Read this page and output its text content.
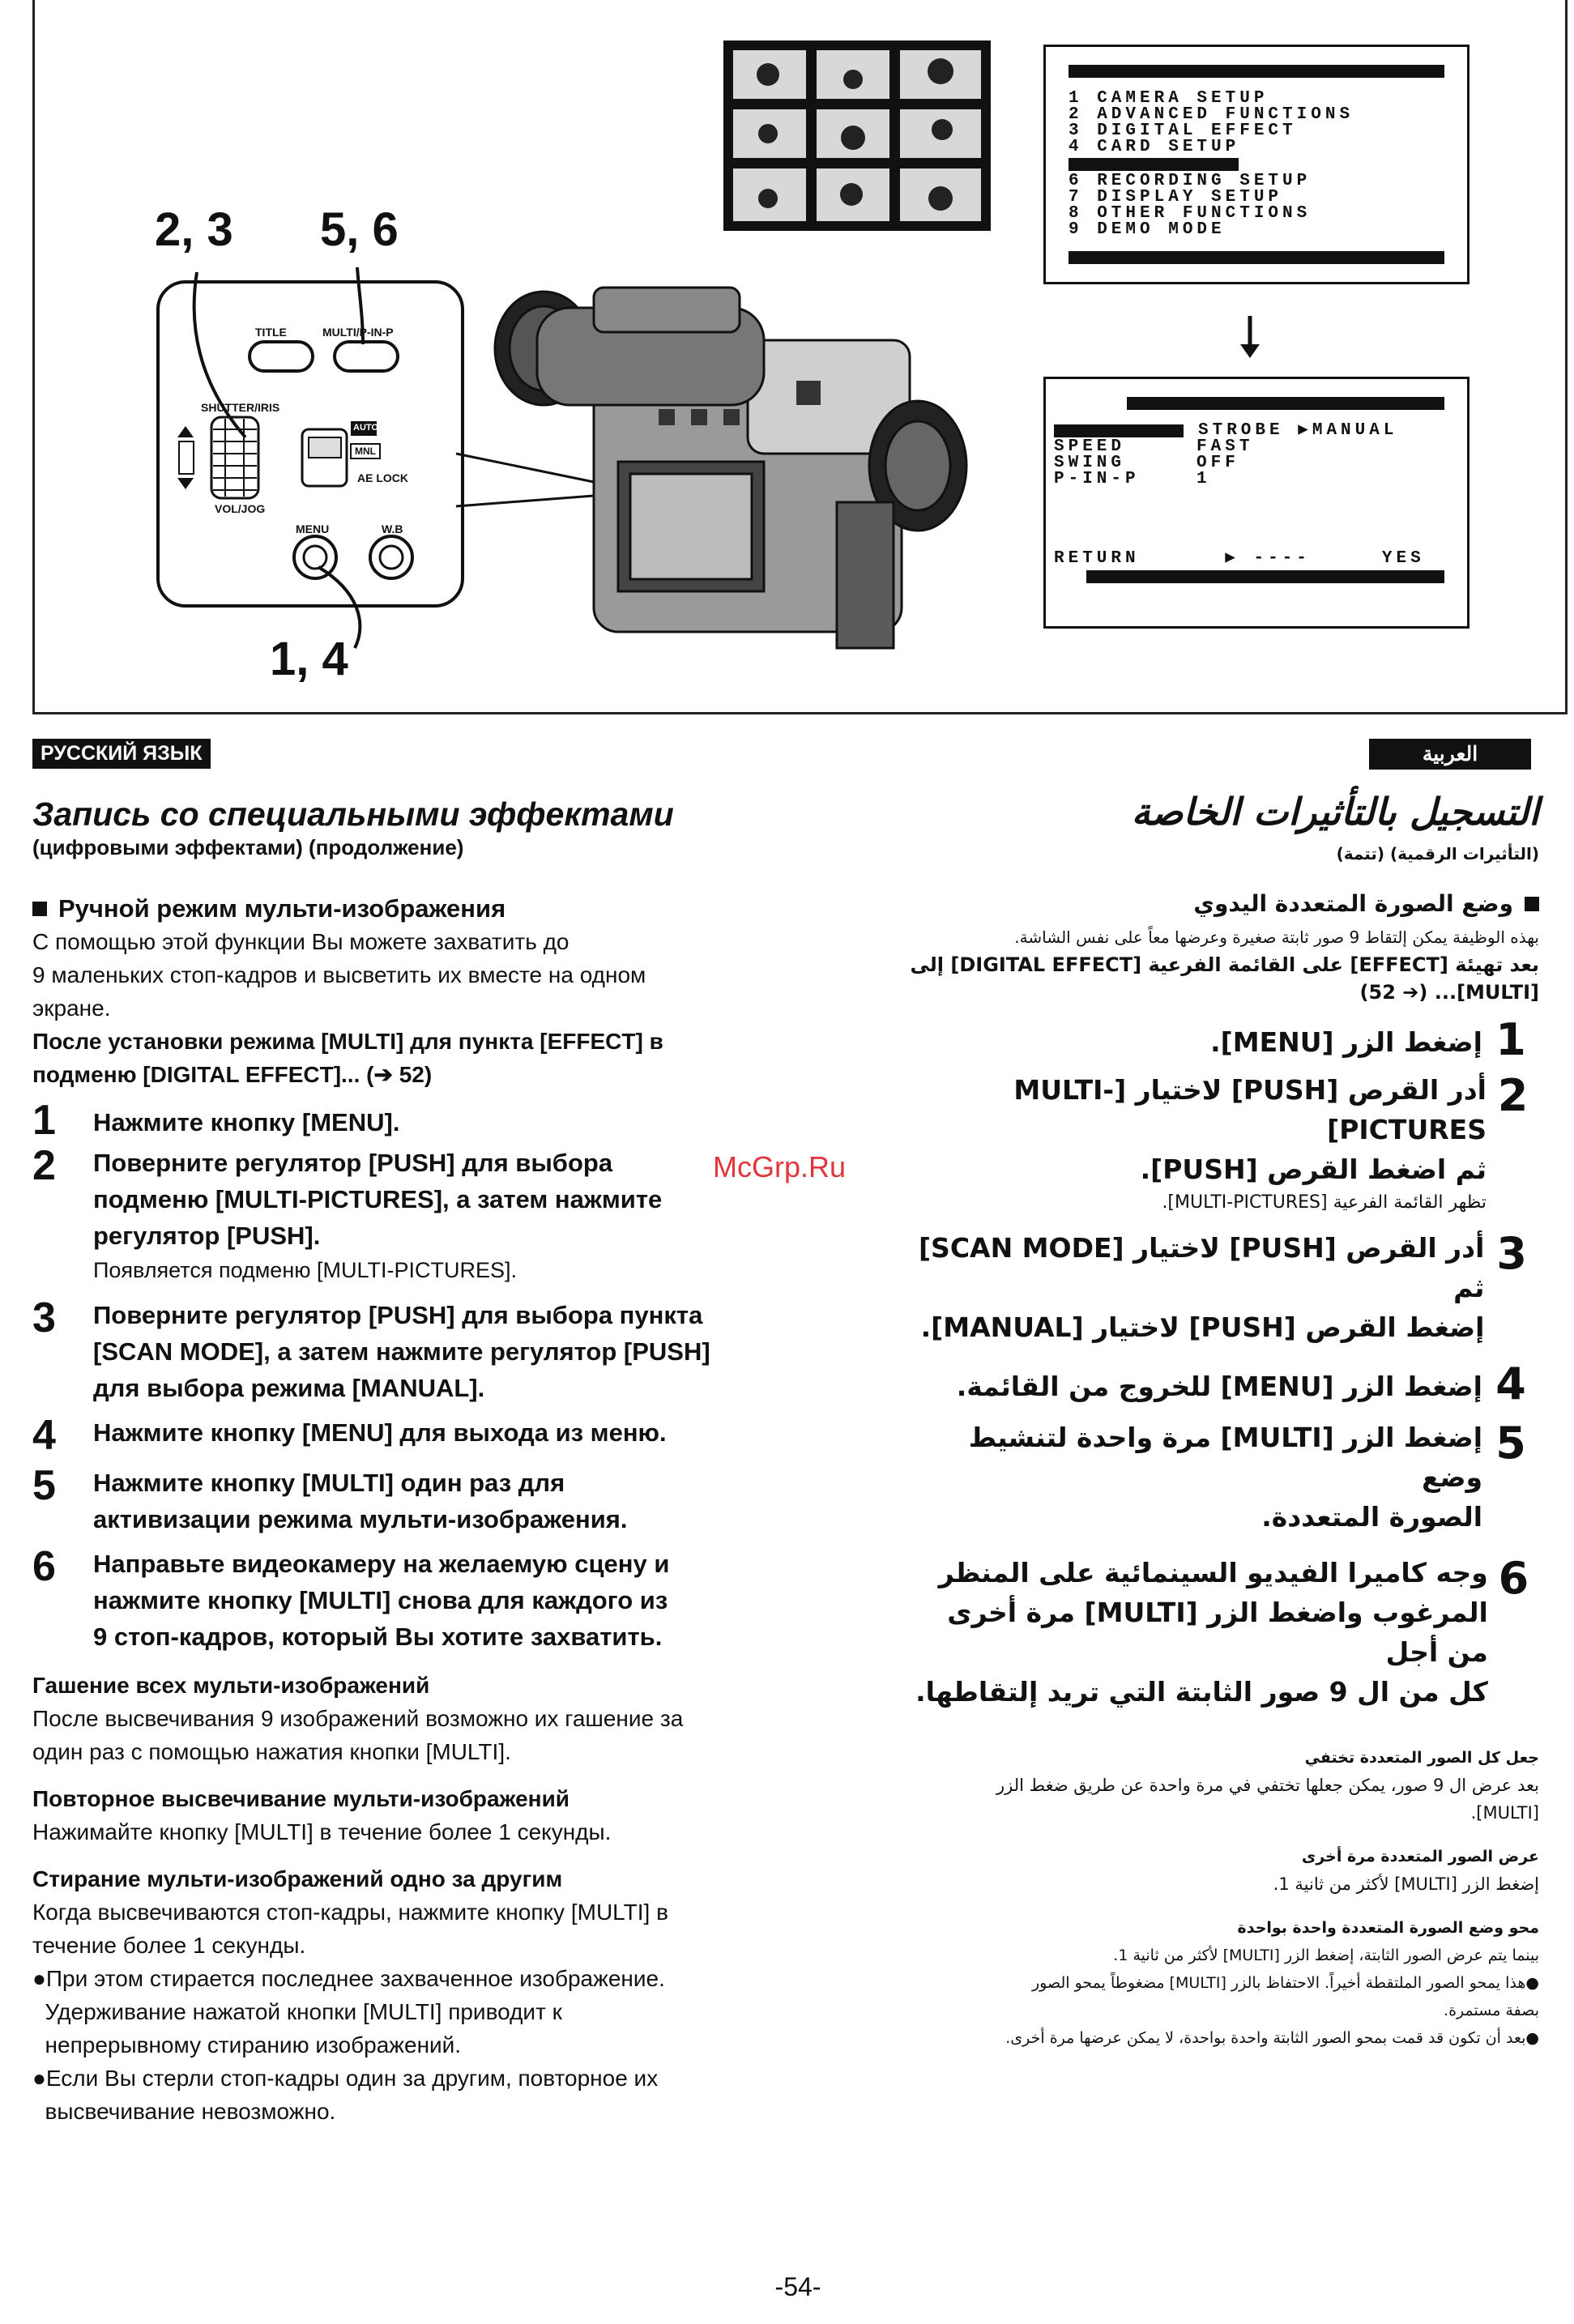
2, 3 5, 6
1, 4
TITLE	MULTI/P-IN-P
SHUTTER/IRIS
VOL/JOG
MENU	W.B
AUTO
MNL
AE LOCK
1 CAMERA SETUP
2 ADVANCED FUNCTIONS
3 DIGITAL EFFECT
4 CARD SETUP
6 RECORDING SETUP
7 DISPLAY SETUP
8 OTHER FUNCTIONS
9 DEMO MODE
STROBE ▶MANUAL
SPEED     FAST
SWING     OFF
P-IN-P    1
RETURN      ▶ ----     YES
РУССКИЙ ЯЗЫК	العربية
Запись со специальными эффектами
(цифровыми эффектами) (продолжение)
Ручной режим мульти-изображения
С помощью этой функции Вы можете захватить до
9 маленьких стоп-кадров и высветить их вместе на одном
экране.
После установки режима [MULTI] для пункта [EFFECT] в
подменю [DIGITAL EFFECT]... (➔ 52)
1	Нажмите кнопку [MENU].
2	Поверните регулятор [PUSH] для выбора
подменю [MULTI-PICTURES], а затем нажмите
регулятор [PUSH].
Появляется подменю [MULTI-PICTURES].
3	Поверните регулятор [PUSH] для выбора пункта
[SCAN MODE], а затем нажмите регулятор [PUSH]
для выбора режима [MANUAL].
4	Нажмите кнопку [MENU] для выхода из меню.
5	Нажмите кнопку [MULTI] один раз для
активизации режима мульти-изображения.
6	Направьте видеокамеру на желаемую сцену и
нажмите кнопку [MULTI] снова для каждого из
9 стоп-кадров, который Вы хотите захватить.
Гашение всех мульти-изображений
После высвечивания 9 изображений возможно их гашение за
один раз с помощью нажатия кнопки [MULTI].
Повторное высвечивание мульти-изображений
Нажимайте кнопку [MULTI] в течение более 1 секунды.
Стирание мульти-изображений одно за другим
Когда высвечиваются стоп-кадры, нажмите кнопку [MULTI] в
течение более 1 секунды.
●При этом стирается последнее захваченное изображение.
Удерживание нажатой кнопки [MULTI] приводит к
непрерывному стиранию изображений.
●Если Вы стерли стоп-кадры один за другим, повторное их
высвечивание невозможно.
التسجيل بالتأثيرات الخاصة
(التأثيرات الرقمية) (تتمة)
وضع الصورة المتعددة اليدوي
بهذه الوظيفة يمكن إلتقاط 9 صور ثابتة صغيرة وعرضها معاً على نفس الشاشة.
بعد تهيئة [EFFECT] على القائمة الفرعية [DIGITAL EFFECT] إلى
[MULTI]... (➔ 52)
1
إضغط الزر [MENU].
2
أدر القرص [PUSH] لاختيار [MULTI-PICTURES]
ثم اضغط القرص [PUSH].
تظهر القائمة الفرعية [MULTI-PICTURES].
3
أدر القرص [PUSH] لاختيار [SCAN MODE] ثم
إضغط القرص [PUSH] لاختيار [MANUAL].
4
إضغط الزر [MENU] للخروج من القائمة.
5
إضغط الزر [MULTI] مرة واحدة لتنشيط وضع
الصورة المتعددة.
6
وجه كاميرا الفيديو السينمائية على المنظر
المرغوب واضغط الزر [MULTI] مرة أخرى من أجل
كل من ال 9 صور الثابتة التي تريد إلتقاطها.
جعل كل الصور المتعددة تختفي
بعد عرض ال 9 صور، يمكن جعلها تختفي في مرة واحدة عن طريق ضغط الزر
[MULTI].
عرض الصور المتعددة مرة أخرى
إضغط الزر [MULTI] لأكثر من ثانية 1.
محو وضع الصورة المتعددة واحدة بواحدة
بينما يتم عرض الصور الثابتة، إضغط الزر [MULTI] لأكثر من ثانية 1.
●هذا يمحو الصور الملتقطة أخيراً. الاحتفاظ بالزر [MULTI] مضغوطاً يمحو الصور
بصفة مستمرة.
●بعد أن تكون قد قمت بمحو الصور الثابتة واحدة بواحدة، لا يمكن عرضها مرة أخرى.
McGrp.Ru
-54-
